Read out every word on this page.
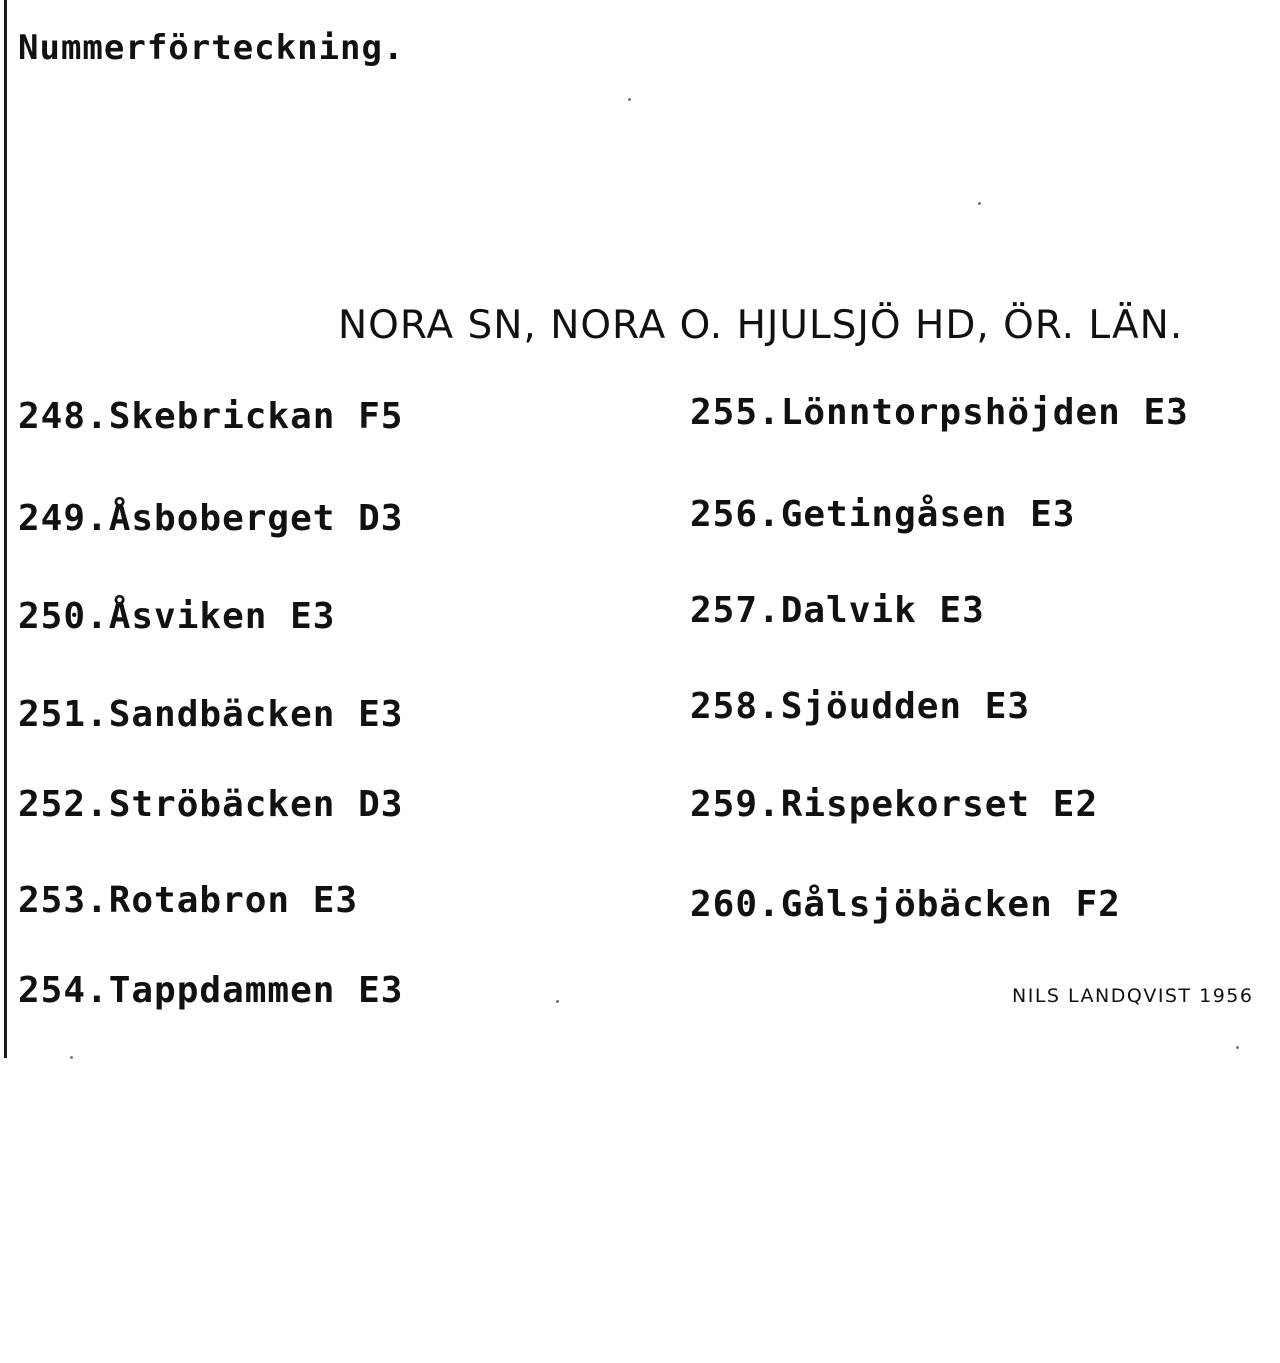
Nummerförteckning.
NORA SN, NORA O. HJULSJÖ HD, ÖR. LÄN.
248.Skebrickan F5
249.Åsboberget D3
250.Åsviken E3
251.Sandbäcken E3
252.Ströbäcken D3
253.Rotabron E3
254.Tappdammen E3
255.Lönntorpshöjden E3
256.Getingåsen E3
257.Dalvik E3
258.Sjöudden E3
259.Rispekorset E2
260.Gålsjöbäcken F2
NILS LANDQVIST 1956
